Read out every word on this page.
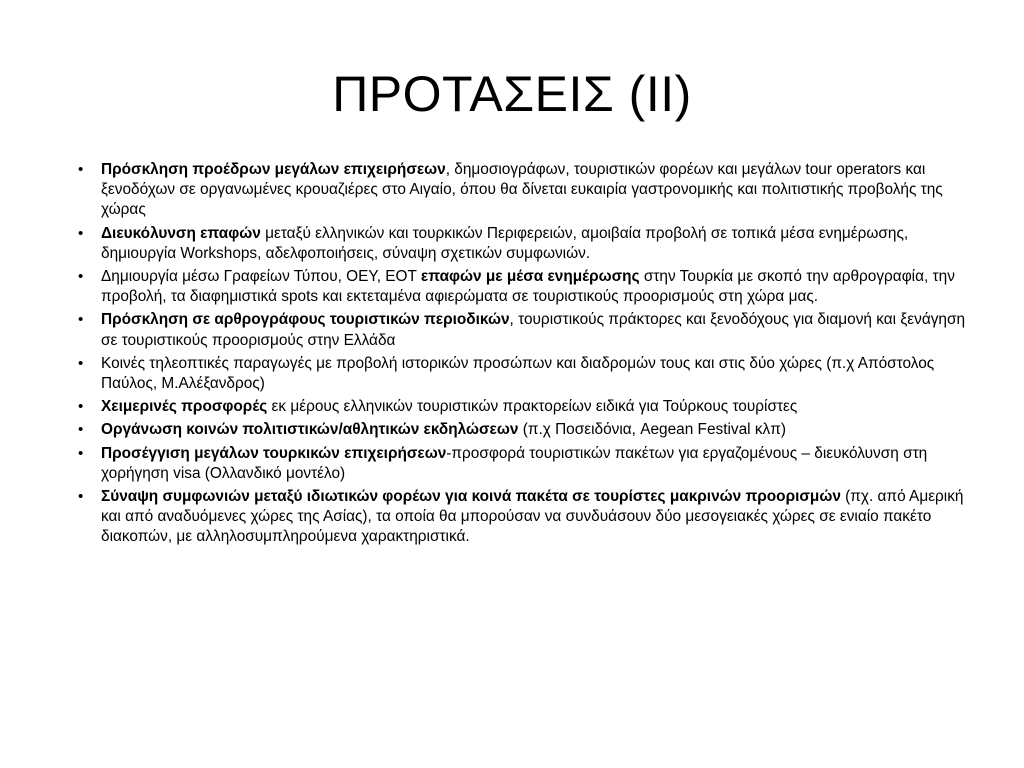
ΠΡΟΤΑΣΕΙΣ (ΙΙ)
•	Πρόσκληση προέδρων μεγάλων επιχειρήσεων, δημοσιογράφων, τουριστικών φορέων και μεγάλων tour operators και ξενοδόχων σε οργανωμένες κρουαζιέρες στο Αιγαίο, όπου θα δίνεται ευκαιρία γαστρονομικής και πολιτιστικής προβολής της χώρας
•	Διευκόλυνση επαφών μεταξύ ελληνικών και τουρκικών Περιφερειών, αμοιβαία προβολή σε τοπικά μέσα ενημέρωσης, δημιουργία Workshops, αδελφοποιήσεις, σύναψη σχετικών συμφωνιών.
•	Δημιουργία μέσω Γραφείων Τύπου, ΟΕΥ, ΕΟΤ επαφών με μέσα ενημέρωσης στην Τουρκία με σκοπό την αρθρογραφία, την προβολή, τα διαφημιστικά spots και εκτεταμένα αφιερώματα σε τουριστικούς προορισμούς στη χώρα μας.
•	Πρόσκληση σε αρθρογράφους τουριστικών περιοδικών, τουριστικούς πράκτορες και ξενοδόχους για διαμονή και ξενάγηση σε τουριστικούς προορισμούς στην Ελλάδα
•	Κοινές τηλεοπτικές παραγωγές με προβολή ιστορικών προσώπων και διαδρομών τους και στις δύο χώρες (π.χ Απόστολος Παύλος, Μ.Αλέξανδρος)
•	Χειμερινές προσφορές εκ μέρους ελληνικών τουριστικών πρακτορείων ειδικά για Τούρκους τουρίστες
•	Οργάνωση κοινών πολιτιστικών/αθλητικών εκδηλώσεων (π.χ Ποσειδόνια, Aegean Festival κλπ)
•	Προσέγγιση μεγάλων τουρκικών επιχειρήσεων-προσφορά τουριστικών πακέτων για εργαζομένους – διευκόλυνση στη χορήγηση visa (Ολλανδικό μοντέλο)
•	Σύναψη συμφωνιών μεταξύ ιδιωτικών φορέων για κοινά πακέτα σε τουρίστες μακρινών προορισμών (πχ. από Αμερική και από αναδυόμενες χώρες της Ασίας), τα οποία θα μπορούσαν να συνδυάσουν δύο μεσογειακές χώρες σε ενιαίο πακέτο διακοπών, με αλληλοσυμπληρούμενα χαρακτηριστικά.
